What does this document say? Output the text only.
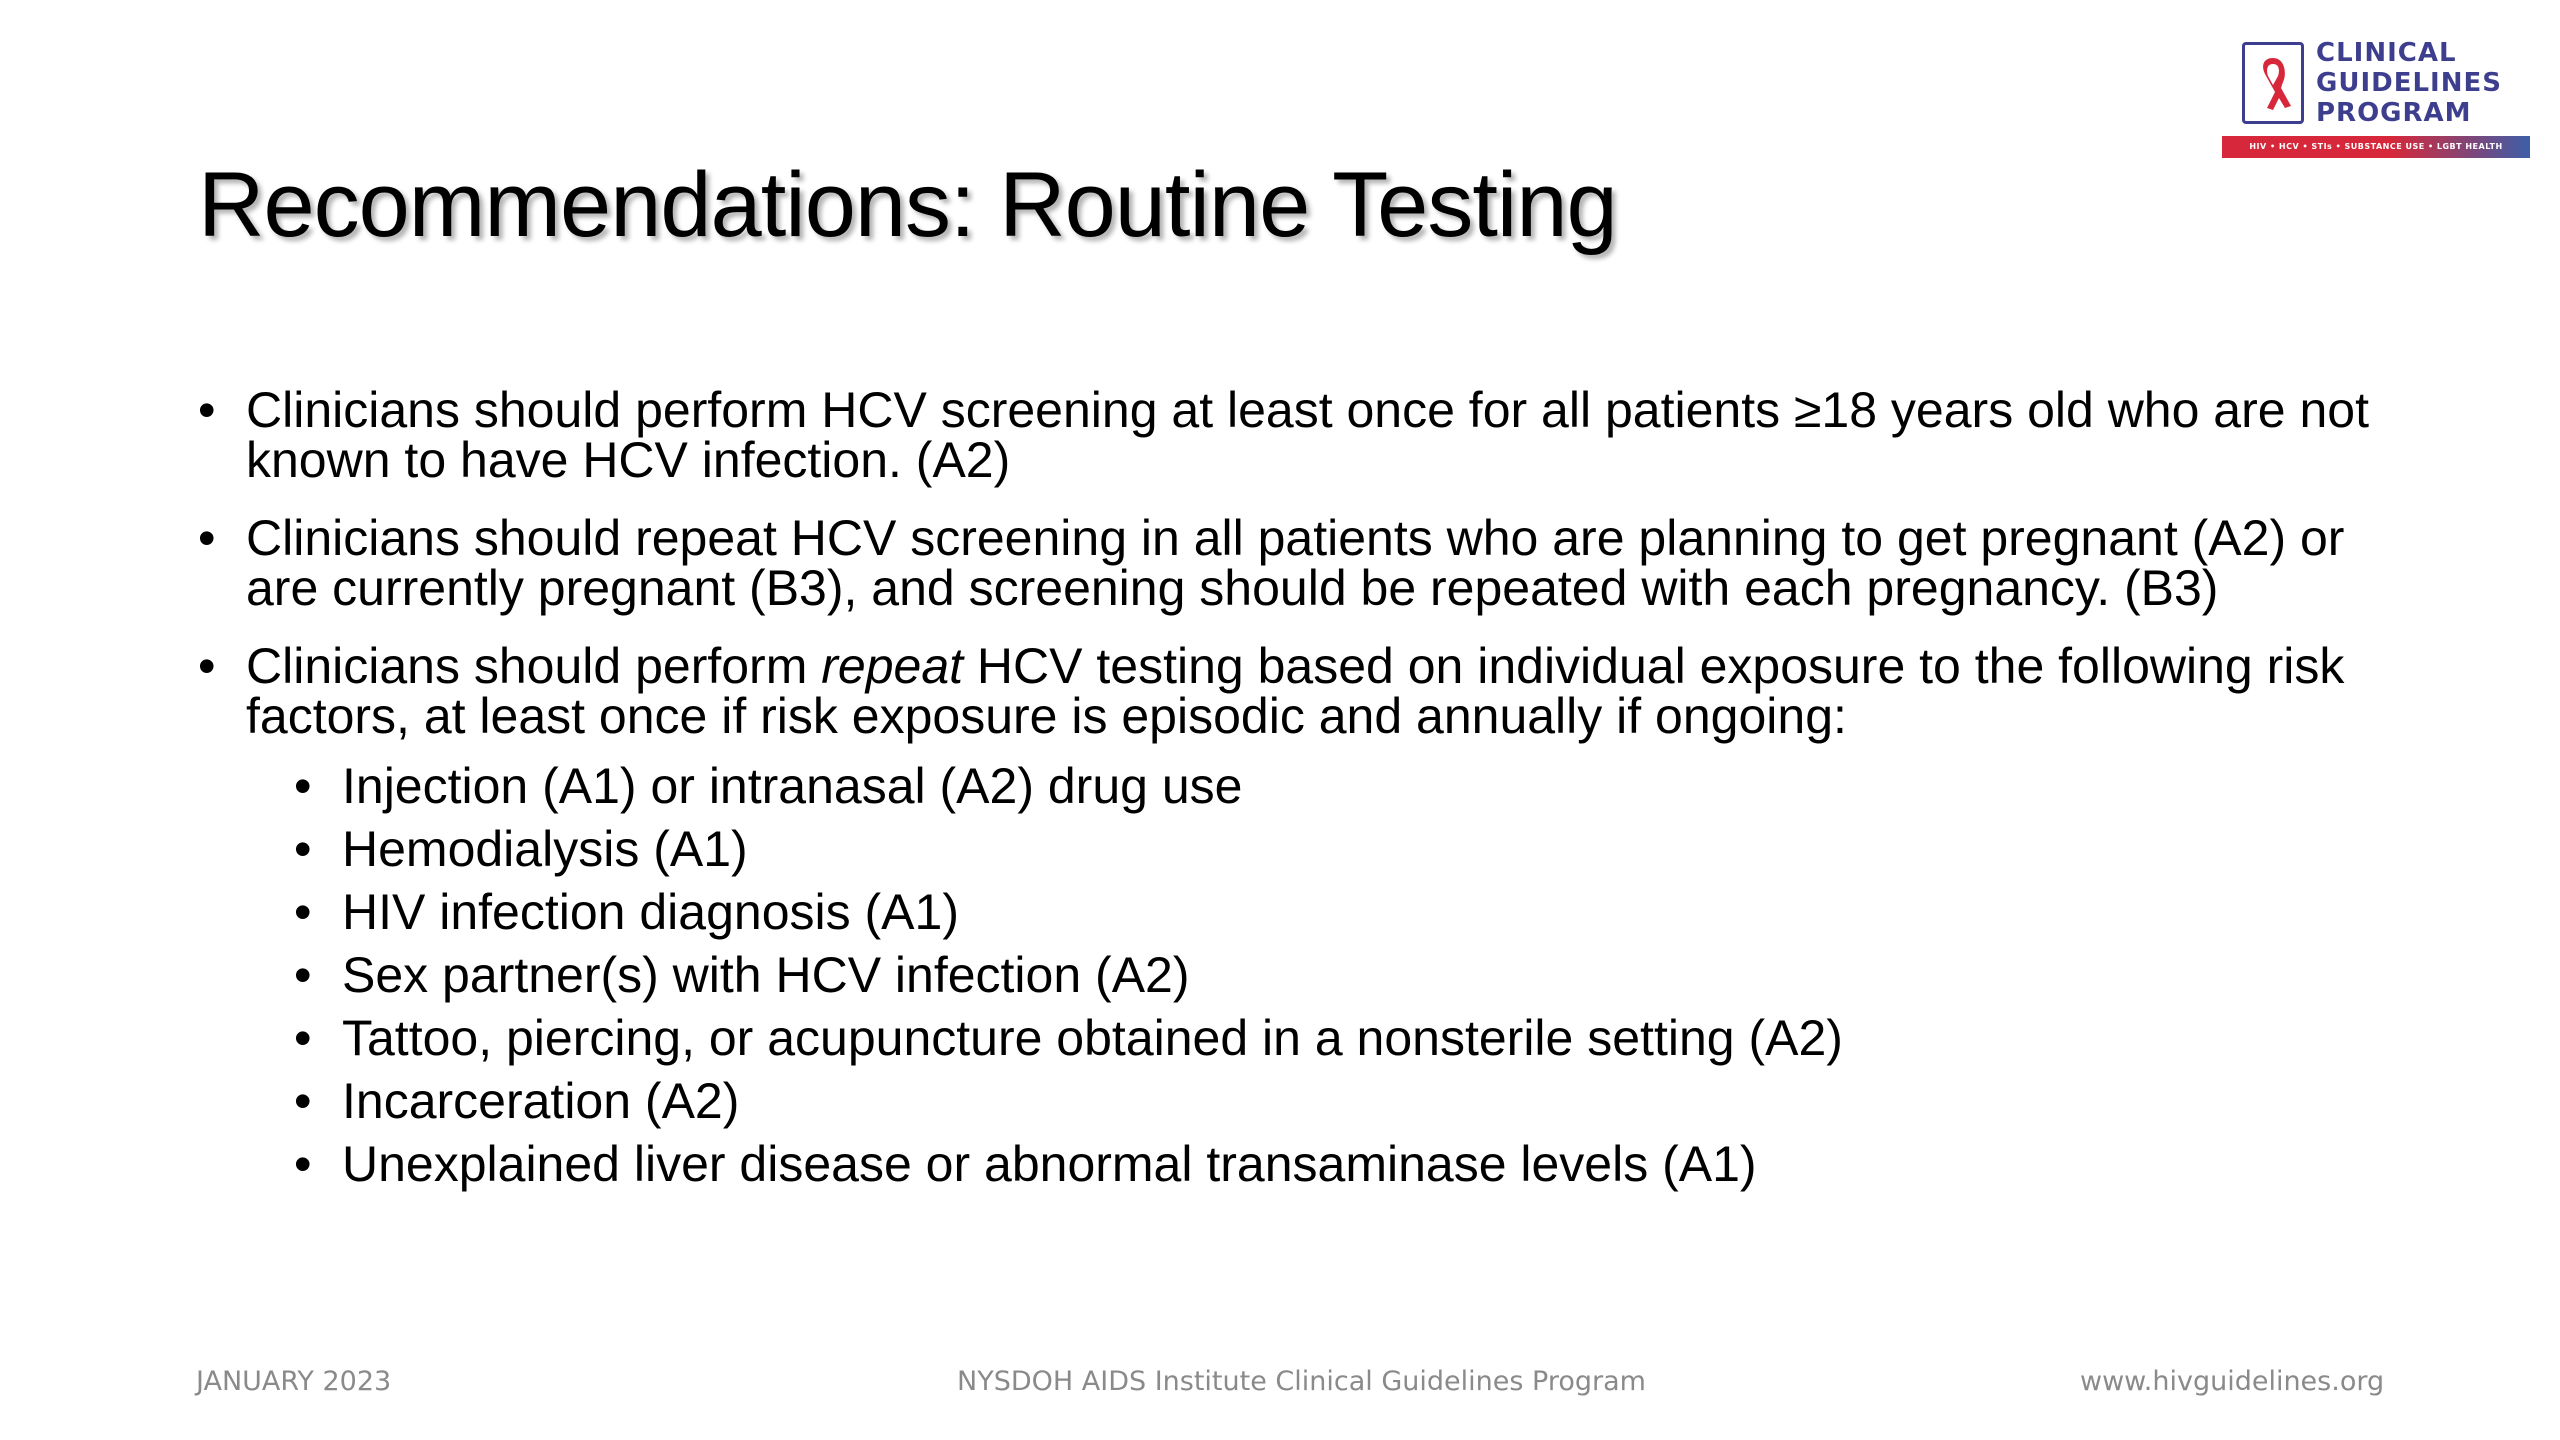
CLINICAL
GUIDELINES
PROGRAM
HIV • HCV • STIs • SUBSTANCE USE • LGBT HEALTH
Recommendations: Routine Testing
• Clinicians should perform HCV screening at least once for all patients ≥18 years old who are not known to have HCV infection. (A2)
• Clinicians should repeat HCV screening in all patients who are planning to get pregnant (A2) or are currently pregnant (B3), and screening should be repeated with each pregnancy. (B3)
• Clinicians should perform repeat HCV testing based on individual exposure to the following risk factors, at least once if risk exposure is episodic and annually if ongoing:
• Injection (A1) or intranasal (A2) drug use
• Hemodialysis (A1)
• HIV infection diagnosis (A1)
• Sex partner(s) with HCV infection (A2)
• Tattoo, piercing, or acupuncture obtained in a nonsterile setting (A2)
• Incarceration (A2)
• Unexplained liver disease or abnormal transaminase levels (A1)
JANUARY 2023	NYSDOH AIDS Institute Clinical Guidelines Program	www.hivguidelines.org
